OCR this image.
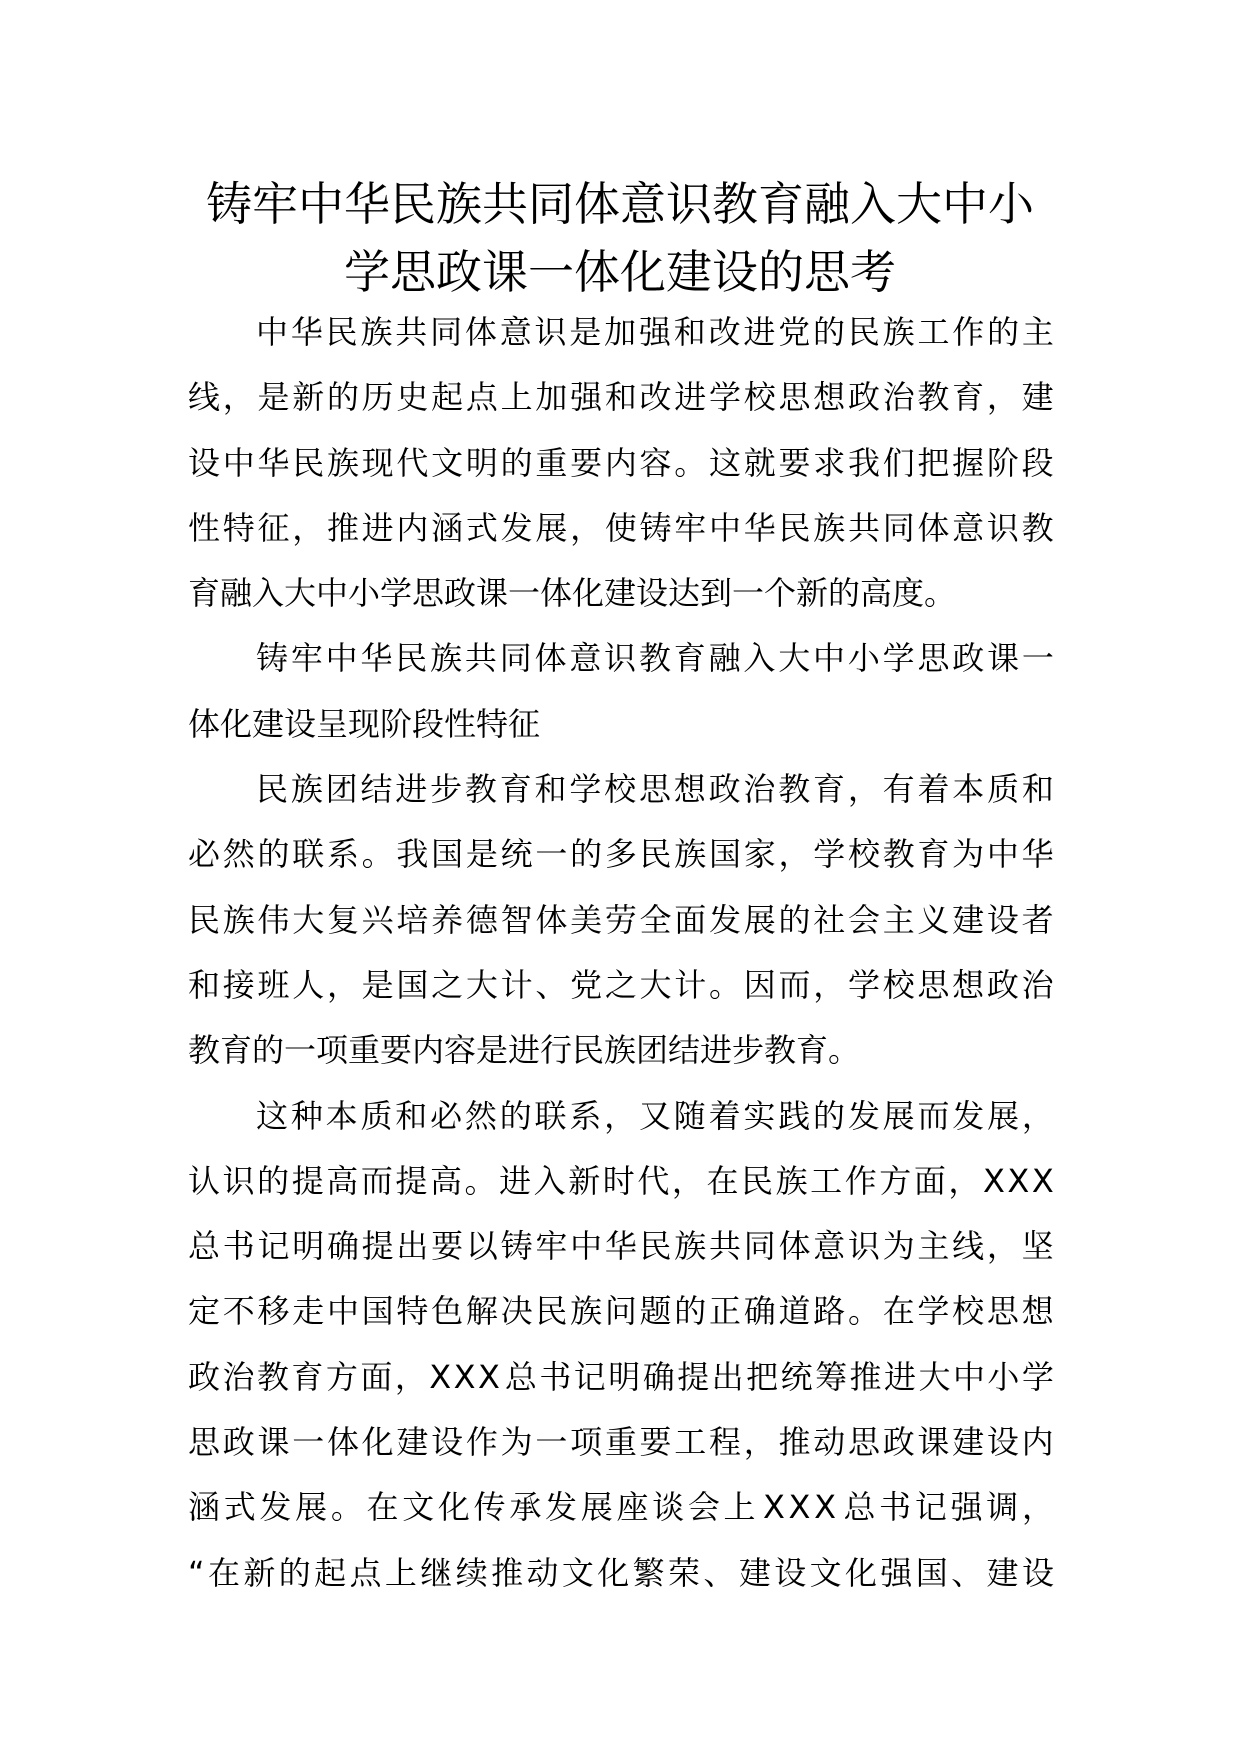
铸牢中华民族共同体意识教育融入大中小
学思政课一体化建设的思考
中 华 民 族 共 同 体 意 识 是 加 强 和 改 进 党 的 民 族 工 作 的 主
线 ， 是 新 的 历 史 起 点 上 加 强 和 改 进 学 校 思 想 政 治 教 育 ， 建
设 中 华 民 族 现 代 文 明 的 重 要 内 容 。 这 就 要 求 我 们 把 握 阶 段
性 特 征 ， 推 进 内 涵 式 发 展 ， 使 铸 牢 中 华 民 族 共 同 体 意 识 教
育融入大中小学思政课一体化建设达到一个新的高度。
铸 牢 中 华 民 族 共 同 体 意 识 教 育 融 入 大 中 小 学 思 政 课 一
体化建设呈现阶段性特征
民 族 团 结 进 步 教 育 和 学 校 思 想 政 治 教 育 ， 有 着 本 质 和
必 然 的 联 系 。 我 国 是 统 一 的 多 民 族 国 家 ， 学 校 教 育 为 中 华
民 族 伟 大 复 兴 培 养 德 智 体 美 劳 全 面 发 展 的 社 会 主 义 建 设 者
和 接 班 人 ， 是 国 之 大 计 、 党 之 大 计 。 因 而 ， 学 校 思 想 政 治
教育的一项重要内容是进行民族团结进步教育。
这 种 本 质 和 必 然 的 联 系 ， 又 随 着 实 践 的 发 展 而 发 展 ，
认 识 的 提 高 而 提 高 。 进 入 新 时 代 ， 在 民 族 工 作 方 面 ， X X X
总 书 记 明 确 提 出 要 以 铸 牢 中 华 民 族 共 同 体 意 识 为 主 线 ， 坚
定 不 移 走 中 国 特 色 解 决 民 族 问 题 的 正 确 道 路 。 在 学 校 思 想
政 治 教 育 方 面 ， X X X 总 书 记 明 确 提 出 把 统 筹 推 进 大 中 小 学
思 政 课 一 体 化 建 设 作 为 一 项 重 要 工 程 ， 推 动 思 政 课 建 设 内
涵 式 发 展 。 在 文 化 传 承 发 展 座 谈 会 上 X X X 总 书 记 强 调 ，
“ 在 新 的 起 点 上 继 续 推 动 文 化 繁 荣 、 建 设 文 化 强 国 、 建 设
